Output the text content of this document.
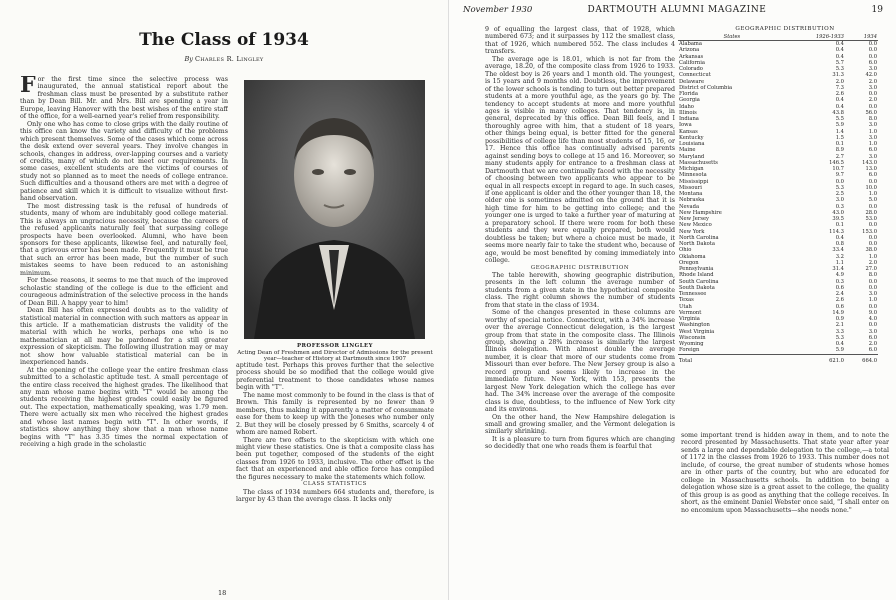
The Class of 1934
By Charles R. Lingley

For the first time since the selective process was inaugurated, the annual statistical report about the freshman class must be presented by a substitute rather than by Dean Bill. Mr. and Mrs. Bill are spending a year in Europe, leaving Hanover with the best wishes of the entire staff of the office, for a well-earned year's relief from responsibility.

Only one who has come to close grips with the daily routine of this office can know the variety and difficulty of the problems which present themselves. Some of the cases which come across the desk extend over several years. They involve changes in schools, changes in address, over-lapping courses and a variety of credits, many of which do not meet our requirements. In some cases, excellent students are the victims of courses of study not so planned as to meet the needs of college entrance. Such difficulties and a thousand others are met with a degree of patience and skill which it is difficult to visualize without first-hand observation.

The most distressing task is the refusal of hundreds of students, many of whom are indubitably good college material. This is always an ungracious necessity, because the careers of the refused applicants naturally feel that surpassing college prospects have been overlooked. Alumni, who have been sponsors for these applicants, likewise feel, and naturally feel, that a grievous error has been made. Frequently it must be true that such an error has been made, but the number of such mistakes seems to have been reduced to an astonishing minimum.

For these reasons, it seems to me that much of the improved scholastic standing of the college is due to the efficient and courageous administration of the selective process in the hands of Dean Bill. A happy year to him!

Dean Bill has often expressed doubts as to the validity of statistical material in connection with such matters as appear in this article. If a mathematician distrusts the validity of the material with which he works, perhaps one who is no mathematician at all may be pardoned for a still greater expression of skepticism. The following illustration may or may not show how valuable statistical material can be in inexperienced hands.

At the opening of the college year the entire freshman class submitted to a scholastic aptitude test. A small percentage of the entire class received the highest grades. The likelihood that any man whose name begins with "T" would be among the students receiving the highest grades could easily be figured out. The expectation, mathematically speaking, was 1.79 men. There were actually six men who received the highest grades and whose last names begin with "T". In other words, if statistics show anything they show that a man whose name begins with "T" has 3.35 times the normal expectation of receiving a high grade in the scholastic

PROFESSOR LINGLEY
Acting Dean of Freshmen and Director of Admissions for the present year—teacher of History at Dartmouth since 1907

aptitude test. Perhaps this proves further that the selective process should be so modified that the college would give preferential treatment to those candidates whose names begin with "T".

The name most commonly to be found in the class is that of Brown. This family is represented by no fewer than 9 members, thus making it apparently a matter of consummate ease for them to keep up with the Joneses who number only 2. But they will be closely pressed by 6 Smiths, scarcely 4 of whom are named Robert.

There are two offsets to the skepticism with which one might view these statistics. One is that a composite class has been put together, composed of the students of the eight classes from 1926 to 1933, inclusive. The other offset is the fact that an experienced and able office force has compiled the figures necessary to make the statements which follow.

CLASS STATISTICS

The class of 1934 numbers 664 students and, therefore, is larger by 43 than the average class. It lacks only

18
November 1930	DARTMOUTH ALUMNI MAGAZINE	19

9 of equalling the largest class, that of 1928, which numbered 673; and it surpasses by 112 the smallest class, that of 1926, which numbered 552. The class includes 4 transfers.

The average age is 18.01, which is not far from the average, 18.20, of the composite class from 1926 to 1933. The oldest boy is 26 years and 1 month old. The youngest, is 15 years and 9 months old. Doubtless, the improvement of the lower schools is tending to turn out better prepared students at a more youthful age, as the years go by. The tendency to accept students at more and more youthful ages is visible in many colleges. That tendency is, in general, deprecated by this office. Dean Bill feels, and I thoroughly agree with him, that a student of 18 years, other things being equal, is better fitted for the general possibilities of college life than most students of 15, 16, or 17. Hence this office has continually advised parents against sending boys to college at 15 and 16. Moreover, so many students apply for entrance to a freshman class at Dartmouth that we are continually faced with the necessity of choosing between two applicants who appear to be equal in all respects except in regard to age. In such cases, if one applicant is older and the other younger than 18, the older one is sometimes admitted on the ground that it is high time for him to be getting into college; and the younger one is urged to take a further year of maturing at a preparatory school. If there were room for both these students and they were equally prepared, both would doubtless be taken; but where a choice must be made, it seems more nearly fair to take the student who, because of age, would be most benefited by coming immediately into college.

GEOGRAPHIC DISTRIBUTION

The table herewith, showing geographic distribution, presents in the left column the average number of students from a given state in the hypothetical composite class. The right column shows the number of students from that state in the class of 1934.

Some of the changes presented in these columns are worthy of special notice. Connecticut, with a 34% increase over the average Connecticut delegation, is the largest group from that state in the composite class. The Illinois group, showing a 28% increase is similarly the largest Illinois delegation. With almost double the average number, it is clear that more of our students come from Missouri than ever before. The New Jersey group is also a record group and seems likely to increase in the immediate future. New York, with 153, presents the largest New York delegation which the college has ever had. The 34% increase over the average of the composite class is due, doubtless, to the influence of New York city and its environs.

On the other hand, the New Hampshire delegation is small and growing smaller, and the Vermont delegation is similarly shrinking.

It is a pleasure to turn from figures which are changing so decidedly that one who reads them is fearful that

some important trend is hidden away in them, and to note the record presented by Massachusetts. That state year after year sends a large and dependable delegation to the college,—a total of 1172 in the classes from 1926 to 1933. This number does not include, of course, the great number of students whose homes are in other parts of the country, but who are educated for college in Massachusetts schools. In addition to being a delegation whose size is a great asset to the college, the quality of this group is as good as anything that the college receives. In short, as the eminent Daniel Webster once said, "I shall enter on no encomium upon Massachusetts—she needs none."

GEOGRAPHIC DISTRIBUTION
States	1926-1933	1934
Alabama	0.4	0.0
Arizona	0.4	0.0
Arkansas	0.4	0.0
California	5.7	6.0
Colorado	5.3	3.0
Connecticut	31.3	42.0
Delaware	2.0	2.0
District of Columbia	7.3	3.0
Florida	2.6	0.0
Georgia	0.4	2.0
Idaho	0.4	0.0
Illinois	43.8	56.0
Indiana	5.5	8.0
Iowa	5.9	3.0
Kansas	1.4	1.0
Kentucky	1.5	3.0
Louisiana	0.1	1.0
Maine	8.9	6.0
Maryland	2.7	3.0
Massachusetts	146.5	143.0
Michigan	10.7	13.0
Minnesota	9.7	6.0
Mississippi	0.0	0.0
Missouri	5.3	10.0
Montana	2.5	1.0
Nebraska	3.0	5.0
Nevada	0.3	0.0
New Hampshire	43.0	28.0
New Jersey	39.5	53.0
New Mexico	0.1	0.0
New York	114.3	153.0
North Carolina	0.4	0.0
North Dakota	0.8	0.0
Ohio	33.4	38.0
Oklahoma	3.2	1.0
Oregon	1.1	2.0
Pennsylvania	31.4	27.0
Rhode Island	4.9	8.0
South Carolina	0.3	0.0
South Dakota	0.6	0.0
Tennessee	2.4	3.0
Texas	2.6	1.0
Utah	0.6	0.0
Vermont	14.9	9.0
Virginia	0.9	4.0
Washington	2.1	0.0
West Virginia	3.3	3.0
Wisconsin	5.3	6.0
Wyoming	0.4	2.0
Foreign	5.9	6.0
Total	621.0	664.0
